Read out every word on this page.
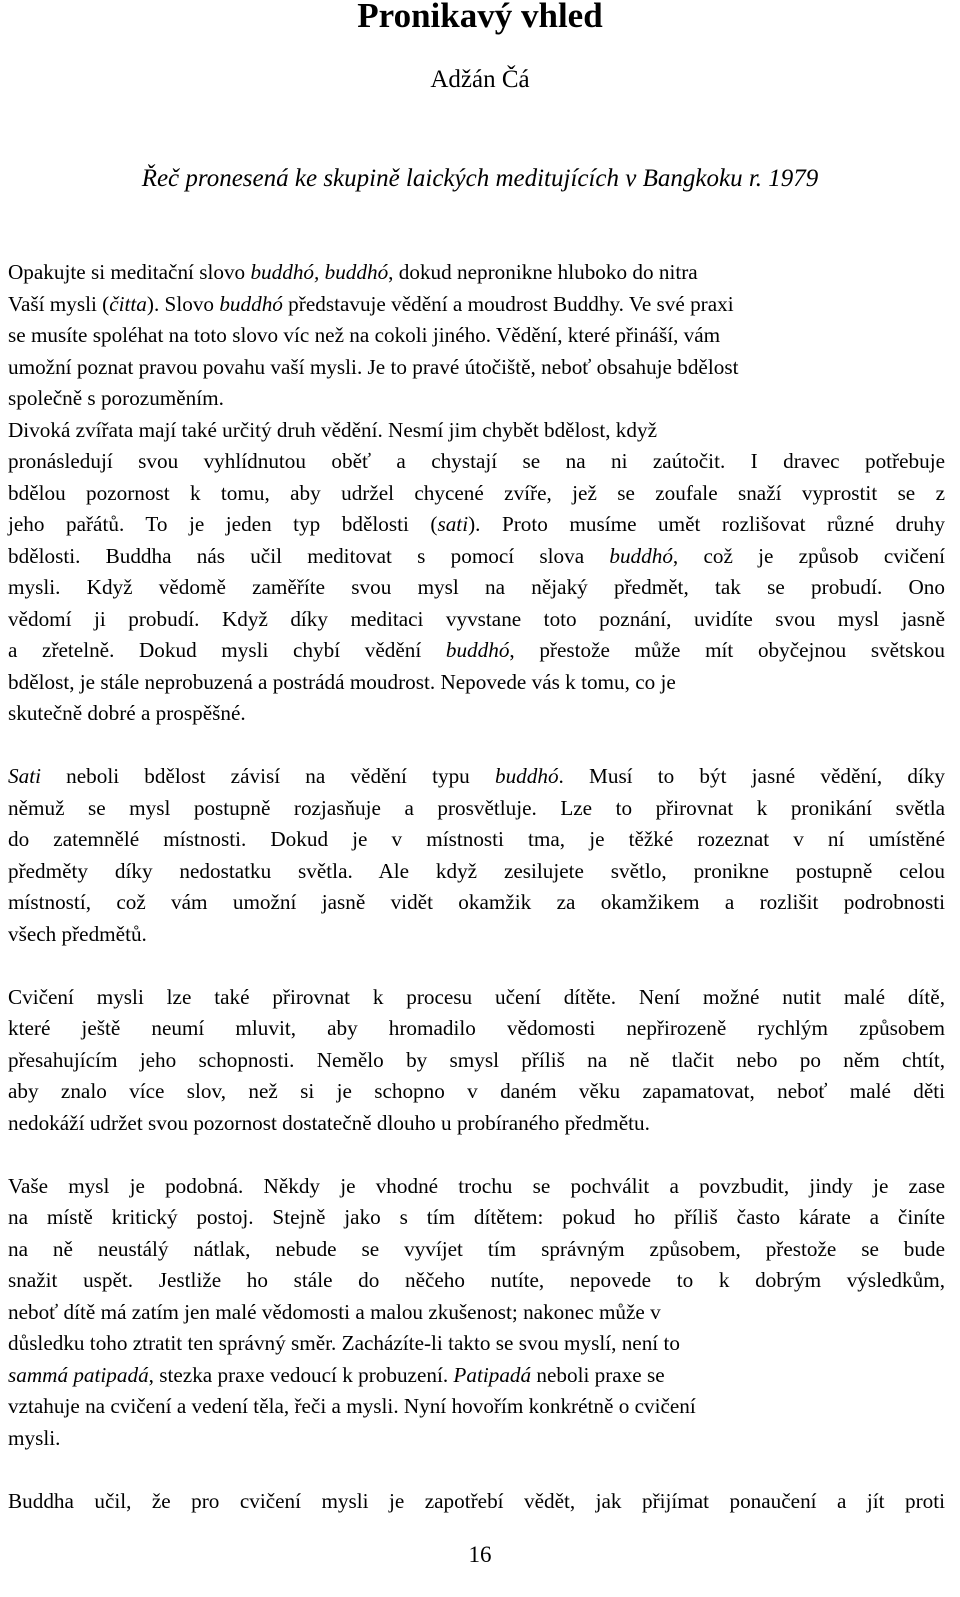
Pronikavý vhled
Adžán Čá
Řeč pronesená ke skupině laických meditujících v Bangkoku r. 1979
Opakujte si meditační slovo buddhó, buddhó, dokud nepronikne hluboko do nitra
Vaší mysli (čitta). Slovo buddhó představuje vědění a moudrost Buddhy. Ve své praxi
se musíte spoléhat na toto slovo víc než na cokoli jiného. Vědění, které přináší, vám
umožní poznat pravou povahu vaší mysli. Je to pravé útočiště, neboť obsahuje bdělost
společně s porozuměním.
Divoká zvířata mají také určitý druh vědění. Nesmí jim chybět bdělost, když
pronásledují svou vyhlídnutou oběť a chystají se na ni zaútočit. I dravec potřebuje
bdělou pozornost k tomu, aby udržel chycené zvíře, jež se zoufale snaží vyprostit se z
jeho pařátů. To je jeden typ bdělosti (sati). Proto musíme umět rozlišovat různé druhy
bdělosti. Buddha nás učil meditovat s pomocí slova buddhó, což je způsob cvičení
mysli. Když vědomě zaměříte svou mysl na nějaký předmět, tak se probudí. Ono
vědomí ji probudí. Když díky meditaci vyvstane toto poznání, uvidíte svou mysl jasně
a zřetelně. Dokud mysli chybí vědění buddhó, přestože může mít obyčejnou světskou
bdělost, je stále neprobuzená a postrádá moudrost. Nepovede vás k tomu, co je
skutečně dobré a prospěšné.
Sati neboli bdělost závisí na vědění typu buddhó. Musí to být jasné vědění, díky
němuž se mysl postupně rozjasňuje a prosvětluje. Lze to přirovnat k pronikání světla
do zatemnělé místnosti. Dokud je v místnosti tma, je těžké rozeznat v ní umístěné
předměty díky nedostatku světla. Ale když zesilujete světlo, pronikne postupně celou
místností, což vám umožní jasně vidět okamžik za okamžikem a rozlišit podrobnosti
všech předmětů.
Cvičení mysli lze také přirovnat k procesu učení dítěte. Není možné nutit malé dítě,
které ještě neumí mluvit, aby hromadilo vědomosti nepřirozeně rychlým způsobem
přesahujícím jeho schopnosti. Nemělo by smysl příliš na ně tlačit nebo po něm chtít,
aby znalo více slov, než si je schopno v daném věku zapamatovat, neboť malé děti
nedokáží udržet svou pozornost dostatečně dlouho u probíraného předmětu.
Vaše mysl je podobná. Někdy je vhodné trochu se pochválit a povzbudit, jindy je zase
na místě kritický postoj. Stejně jako s tím dítětem: pokud ho příliš často kárate a činíte
na ně neustálý nátlak, nebude se vyvíjet tím správným způsobem, přestože se bude
snažit uspět. Jestliže ho stále do něčeho nutíte, nepovede to k dobrým výsledkům,
neboť dítě má zatím jen malé vědomosti a malou zkušenost; nakonec může v
důsledku toho ztratit ten správný směr. Zacházíte-li takto se svou myslí, není to
sammá patipadá, stezka praxe vedoucí k probuzení. Patipadá neboli praxe se
vztahuje na cvičení a vedení těla, řeči a mysli. Nyní hovořím konkrétně o cvičení
mysli.
Buddha učil, že pro cvičení mysli je zapotřebí vědět, jak přijímat ponaučení a jít proti
16
